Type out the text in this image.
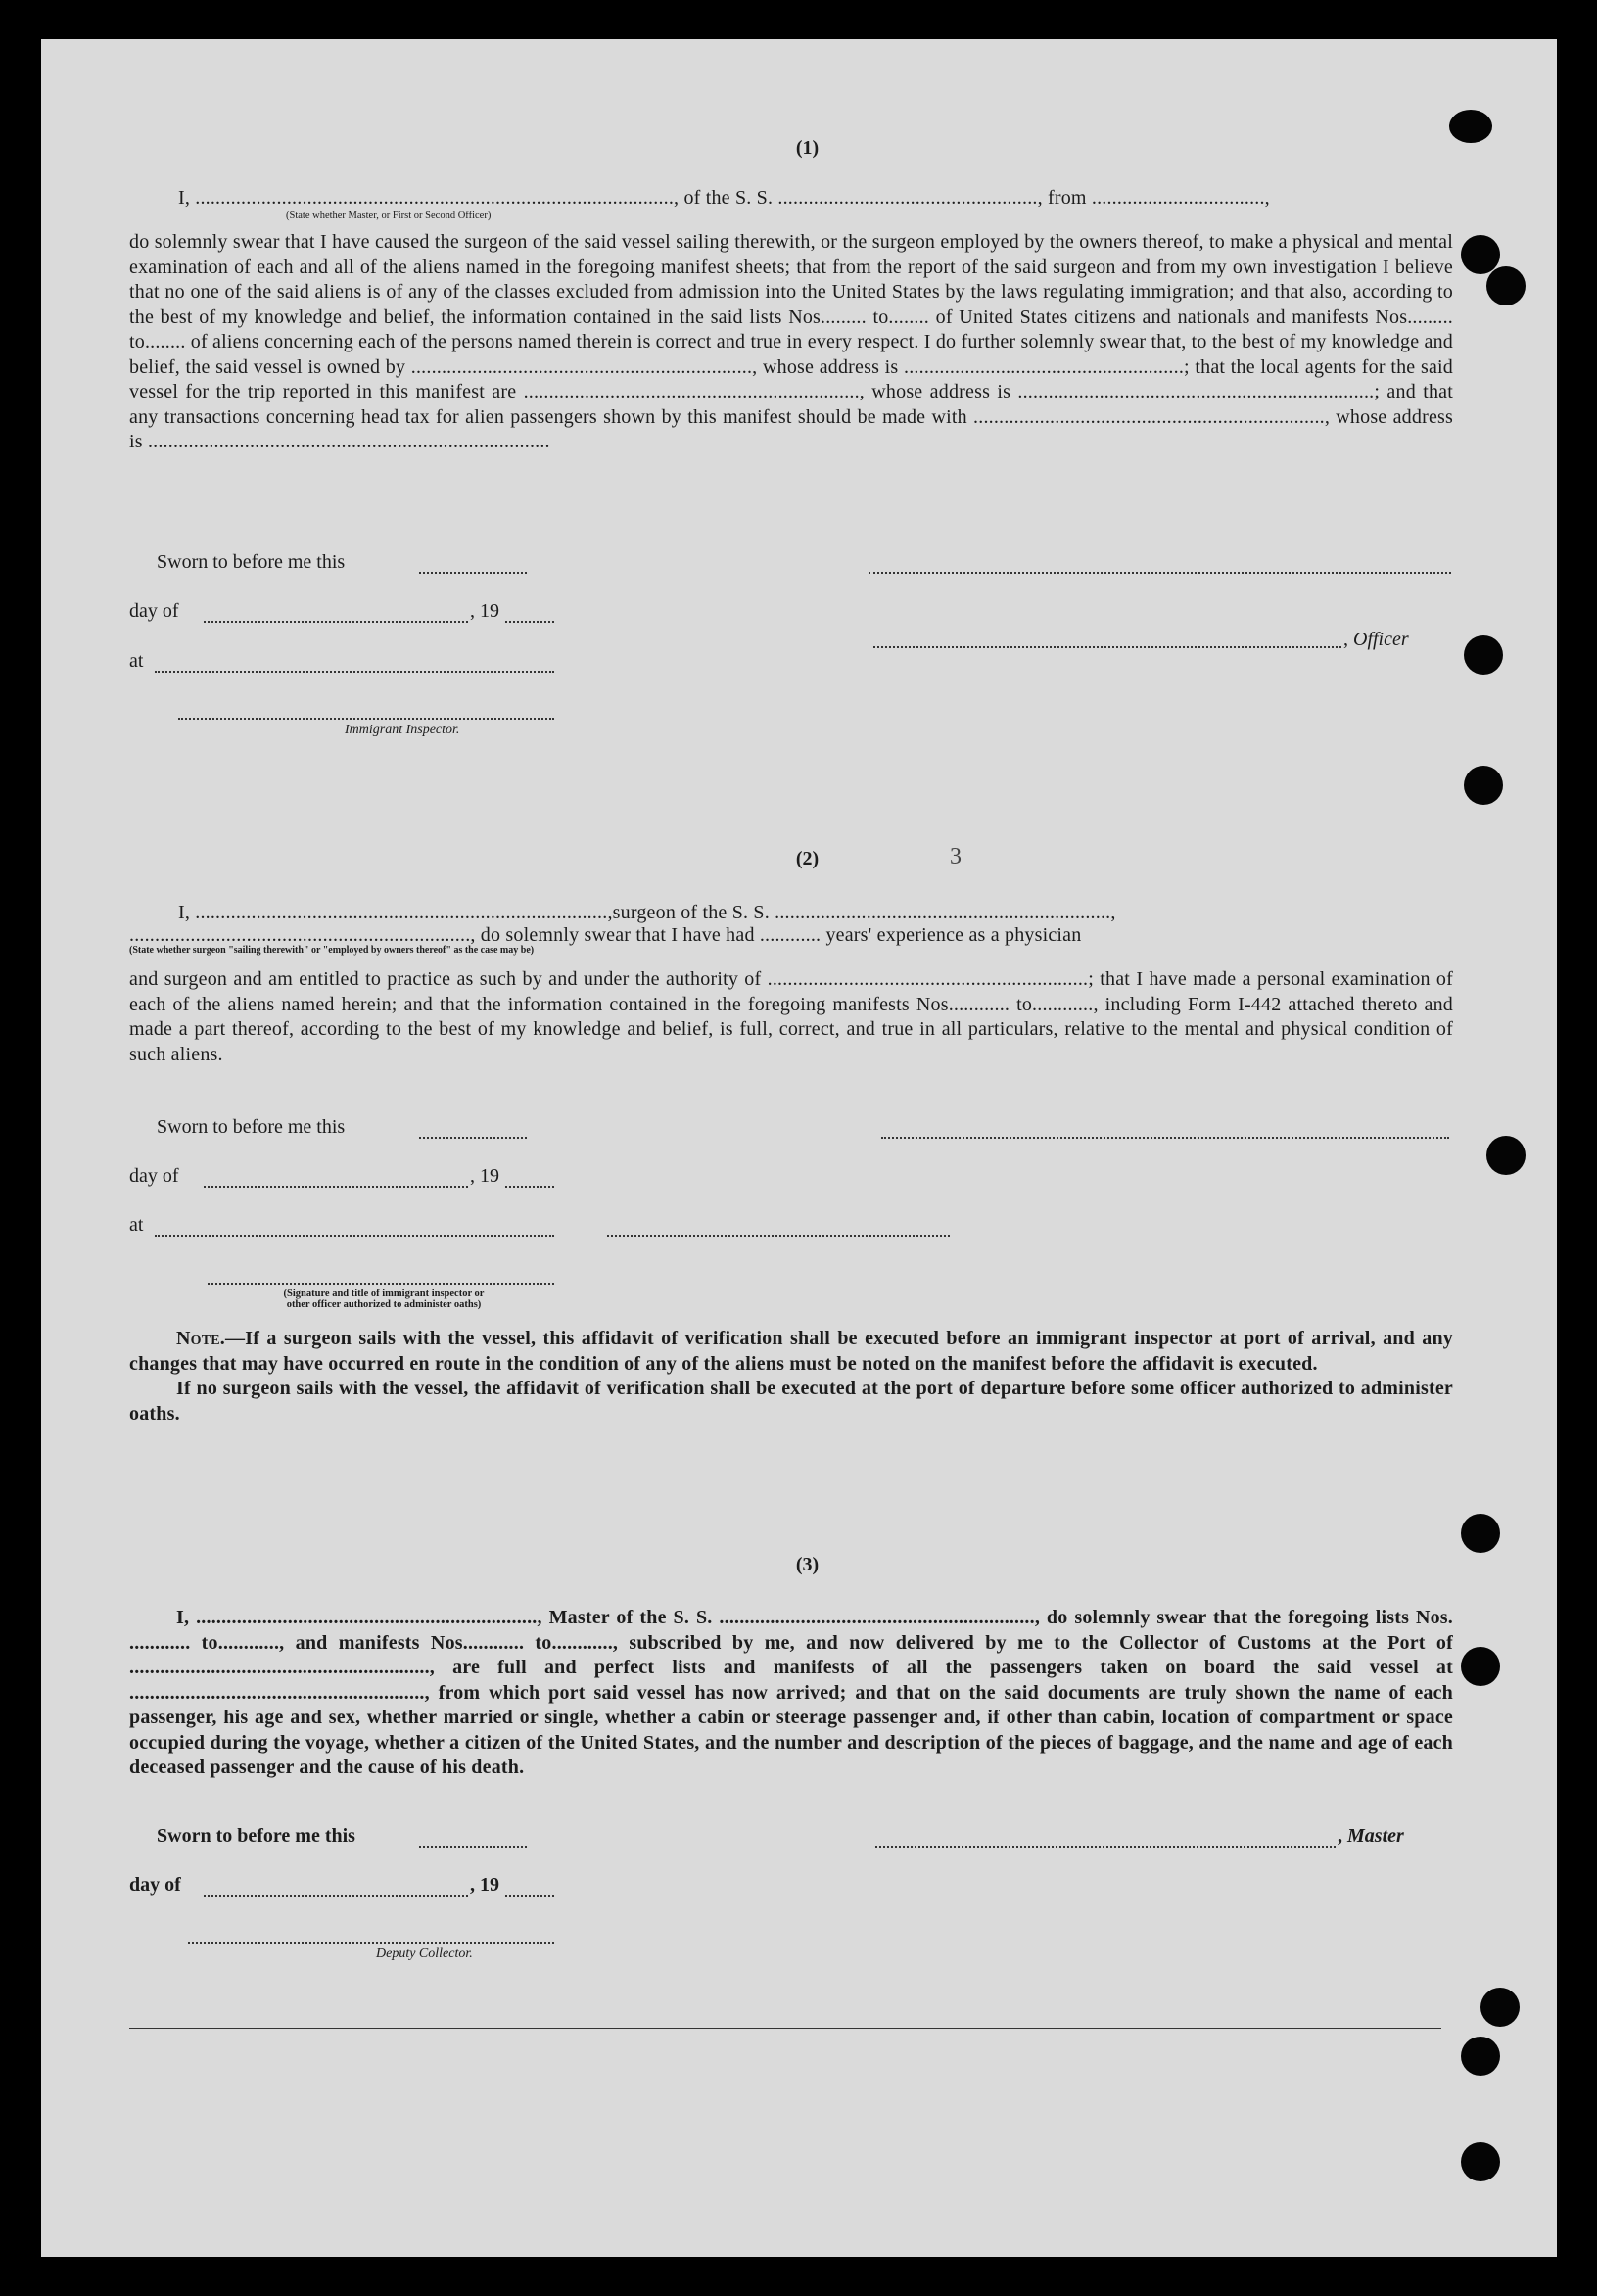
(1)
I, .............................................................................................., of the S. S. ..................................................., from ..................................,
(State whether Master, or First or Second Officer)
do solemnly swear that I have caused the surgeon of the said vessel sailing therewith, or the surgeon employed by the owners thereof, to make a physical and mental examination of each and all of the aliens named in the foregoing manifest sheets; that from the report of the said surgeon and from my own investigation I believe that no one of the said aliens is of any of the classes excluded from admission into the United States by the laws regulating immigration; and that also, according to the best of my knowledge and belief, the information contained in the said lists Nos......... to........ of United States citizens and nationals and manifests Nos......... to........ of aliens concerning each of the persons named therein is correct and true in every respect. I do further solemnly swear that, to the best of my knowledge and belief, the said vessel is owned by ..................................................................., whose address is .......................................................; that the local agents for the said vessel for the trip reported in this manifest are .................................................................., whose address is ......................................................................; and that any transactions concerning head tax for alien passengers shown by this manifest should be made with ....................................................................., whose address is ...............................................................................
Sworn to before me this
day of	, 19
, Officer
at
Immigrant Inspector.
3
(2)
I, .................................................................................,surgeon of the S. S. ..................................................................,
..................................................................., do solemnly swear that I have had ............ years' experience as a physician
(State whether surgeon "sailing therewith" or "employed by owners thereof" as the case may be)
and surgeon and am entitled to practice as such by and under the authority of ...............................................................; that I have made a personal examination of each of the aliens named herein; and that the information contained in the foregoing manifests Nos............ to............, including Form I-442 attached thereto and made a part thereof, according to the best of my knowledge and belief, is full, correct, and true in all particulars, relative to the mental and physical condition of such aliens.
Sworn to before me this
day of	, 19
at
(Signature and title of immigrant inspector or
other officer authorized to administer oaths)

Note.—If a surgeon sails with the vessel, this affidavit of verification shall be executed before an immigrant inspector at port of arrival, and any changes that may have occurred en route in the condition of any of the aliens must be noted on the manifest before the affidavit is executed.

If no surgeon sails with the vessel, the affidavit of verification shall be executed at the port of departure before some officer authorized to administer oaths.

(3)

I, ..................................................................., Master of the S. S. .............................................................., do solemnly swear that the foregoing lists Nos. ............ to............, and manifests Nos............ to............, subscribed by me, and now delivered by me to the Collector of Customs at the Port of ..........................................................., are full and perfect lists and manifests of all the passengers taken on board the said vessel at .........................................................., from which port said vessel has now arrived; and that on the said documents are truly shown the name of each passenger, his age and sex, whether married or single, whether a cabin or steerage passenger and, if other than cabin, location of compartment or space occupied during the voyage, whether a citizen of the United States, and the number and description of the pieces of baggage, and the name and age of each deceased passenger and the cause of his death.

Sworn to before me this	, Master
day of	, 19
Deputy Collector.
